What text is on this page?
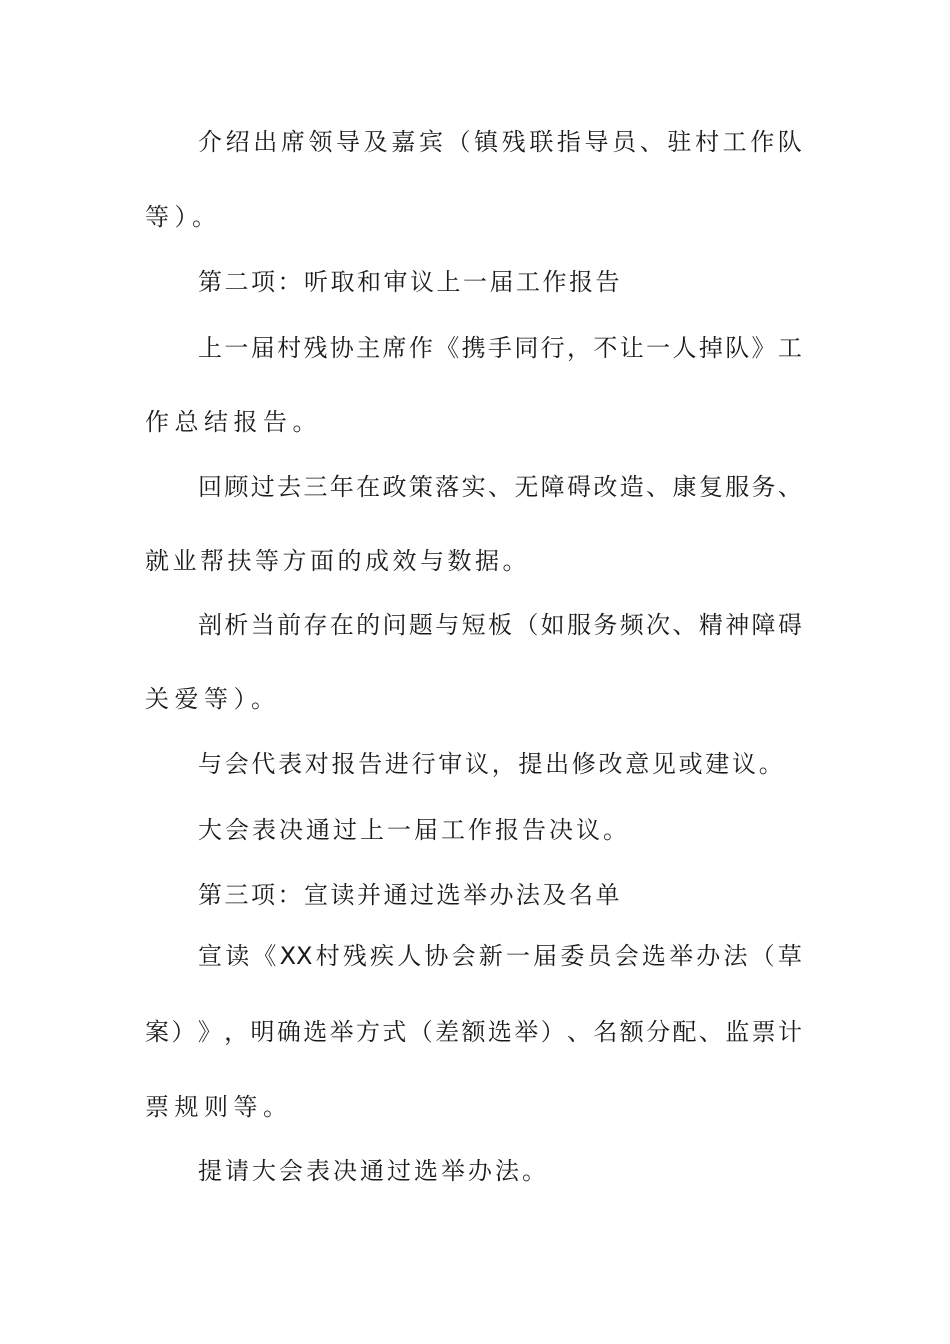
介 绍 出 席 领 导 及 嘉 宾 （ 镇 残 联 指 导 员 、 驻 村 工 作 队
等）。
第二项：听取和审议上一届工作报告
上 一 届 村 残 协 主 席 作 《 携 手 同 行 ， 不 让 一 人 掉 队 》 工
作总结报告。
回 顾 过 去 三 年 在 政 策 落 实 、 无 障 碍 改 造 、 康 复 服 务 、
就业帮扶等方面的成效与数据。
剖 析 当 前 存 在 的 问 题 与 短 板 （ 如 服 务 频 次 、 精 神 障 碍
关爱等）。
与会代表对报告进行审议，提出修改意见或建议。
大会表决通过上一届工作报告决议。
第三项：宣读并通过选举办法及名单
宣 读 《 XX 村 残 疾 人 协 会 新 一 届 委 员 会 选 举 办 法 （ 草
案 ） 》 ， 明 确 选 举 方 式 （ 差 额 选 举 ） 、 名 额 分 配 、 监 票 计
票规则等。
提请大会表决通过选举办法。
